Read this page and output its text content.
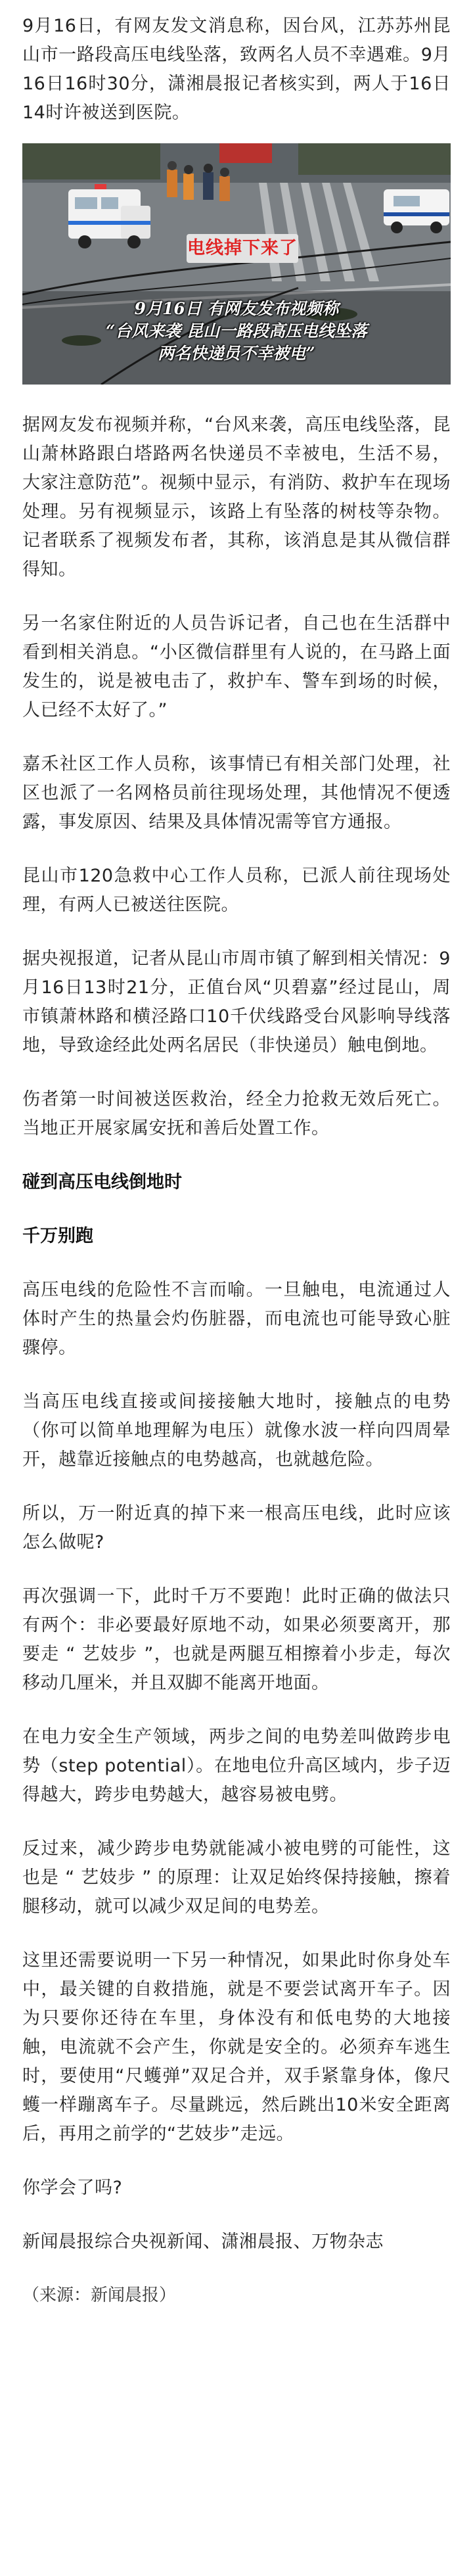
9月16日，有网友发文消息称，因台风，江苏苏州昆山市一路段高压电线坠落，致两名人员不幸遇难。9月16日16时30分，潇湘晨报记者核实到，两人于16日14时许被送到医院。

电线掉下来了
9月16日 有网友发布视频称
“台风来袭 昆山一路段高压电线坠落
两名快递员不幸被电”

据网友发布视频并称，“台风来袭，高压电线坠落，昆山萧林路跟白塔路两名快递员不幸被电，生活不易，大家注意防范”。视频中显示，有消防、救护车在现场处理。另有视频显示，该路上有坠落的树枝等杂物。记者联系了视频发布者，其称，该消息是其从微信群得知。

另一名家住附近的人员告诉记者，自己也在生活群中看到相关消息。“小区微信群里有人说的，在马路上面发生的，说是被电击了，救护车、警车到场的时候，人已经不太好了。”

嘉禾社区工作人员称，该事情已有相关部门处理，社区也派了一名网格员前往现场处理，其他情况不便透露，事发原因、结果及具体情况需等官方通报。

昆山市120急救中心工作人员称，已派人前往现场处理，有两人已被送往医院。

据央视报道，记者从昆山市周市镇了解到相关情况：9月16日13时21分，正值台风“贝碧嘉”经过昆山，周市镇萧林路和横泾路口10千伏线路受台风影响导线落地，导致途经此处两名居民（非快递员）触电倒地。

伤者第一时间被送医救治，经全力抢救无效后死亡。当地正开展家属安抚和善后处置工作。

碰到高压电线倒地时

千万别跑

高压电线的危险性不言而喻。一旦触电，电流通过人体时产生的热量会灼伤脏器，而电流也可能导致心脏骤停。

当高压电线直接或间接接触大地时，接触点的电势（你可以简单地理解为电压）就像水波一样向四周晕开，越靠近接触点的电势越高，也就越危险。

所以，万一附近真的掉下来一根高压电线，此时应该怎么做呢?

再次强调一下，此时千万不要跑！此时正确的做法只有两个：非必要最好原地不动，如果必须要离开，那要走 “ 艺妓步 ”，也就是两腿互相擦着小步走，每次移动几厘米，并且双脚不能离开地面。

在电力安全生产领域，两步之间的电势差叫做跨步电势（step potential）。在地电位升高区域内，步子迈得越大，跨步电势越大，越容易被电劈。

反过来，减少跨步电势就能减小被电劈的可能性，这也是 “ 艺妓步 ” 的原理：让双足始终保持接触，擦着腿移动，就可以减少双足间的电势差。

这里还需要说明一下另一种情况，如果此时你身处车中，最关键的自救措施，就是不要尝试离开车子。因为只要你还待在车里，身体没有和低电势的大地接触，电流就不会产生，你就是安全的。必须弃车逃生时，要使用“尺蠖弹”双足合并，双手紧靠身体，像尺蠖一样蹦离车子。尽量跳远，然后跳出10米安全距离后，再用之前学的“艺妓步”走远。

你学会了吗?

新闻晨报综合央视新闻、潇湘晨报、万物杂志

（来源：新闻晨报）
